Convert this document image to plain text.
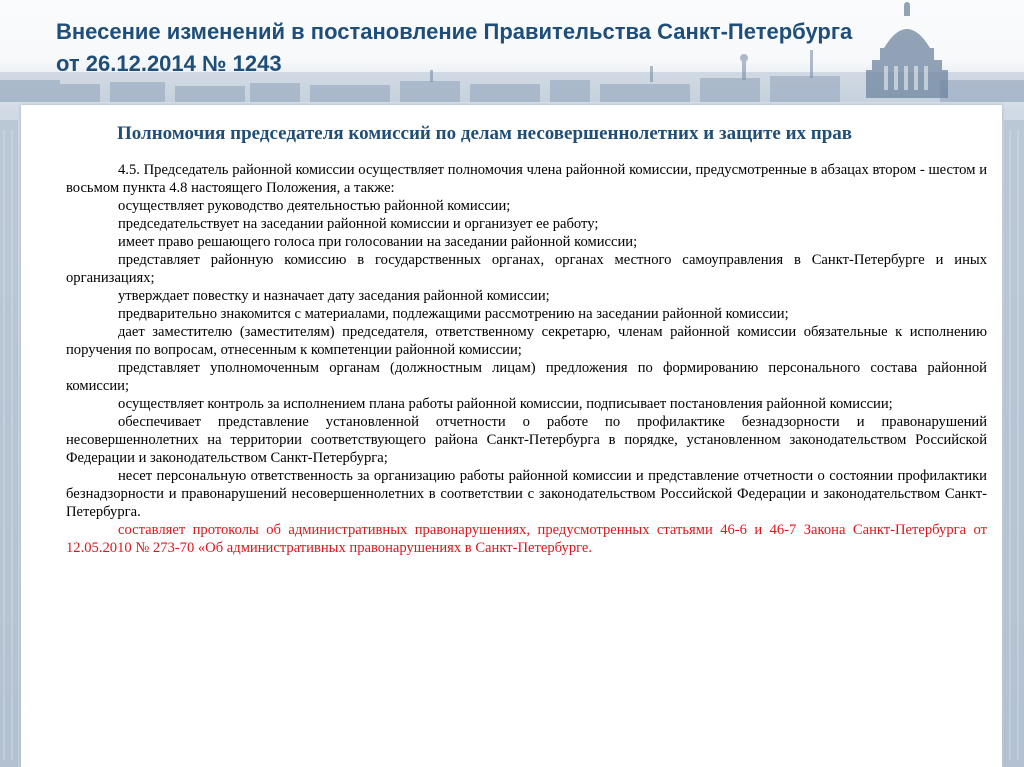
Внесение изменений в постановление Правительства Санкт-Петербурга
от 26.12.2014 № 1243

Полномочия председателя комиссий по делам несовершеннолетних и защите их прав

4.5. Председатель районной комиссии осуществляет полномочия члена районной комиссии, предусмотренные в абзацах втором - шестом и восьмом пункта 4.8 настоящего Положения, а также:

осуществляет руководство деятельностью районной комиссии;

председательствует на заседании районной комиссии и организует ее работу;

имеет право решающего голоса при голосовании на заседании районной комиссии;

представляет районную комиссию в государственных органах, органах местного самоуправления в Санкт-Петербурге и иных организациях;

утверждает повестку и назначает дату заседания районной комиссии;

предварительно знакомится с материалами, подлежащими рассмотрению на заседании районной комиссии;

дает заместителю (заместителям) председателя, ответственному секретарю, членам районной комиссии обязательные к исполнению поручения по вопросам, отнесенным к компетенции районной комиссии;

представляет уполномоченным органам (должностным лицам) предложения по формированию персонального состава районной комиссии;

осуществляет контроль за исполнением плана работы районной комиссии, подписывает постановления районной комиссии;

обеспечивает представление установленной отчетности о работе по профилактике безнадзорности и правонарушений несовершеннолетних на территории соответствующего района Санкт-Петербурга в порядке, установленном законодательством Российской Федерации и законодательством Санкт-Петербурга;

несет персональную ответственность за организацию работы районной комиссии и представление отчетности о состоянии профилактики безнадзорности и правонарушений несовершеннолетних в соответствии с законодательством Российской Федерации и законодательством Санкт-Петербурга.

составляет протоколы об административных правонарушениях, предусмотренных статьями 46-6 и 46-7 Закона Санкт-Петербурга от 12.05.2010 № 273-70 «Об административных правонарушениях в Санкт-Петербурге.
